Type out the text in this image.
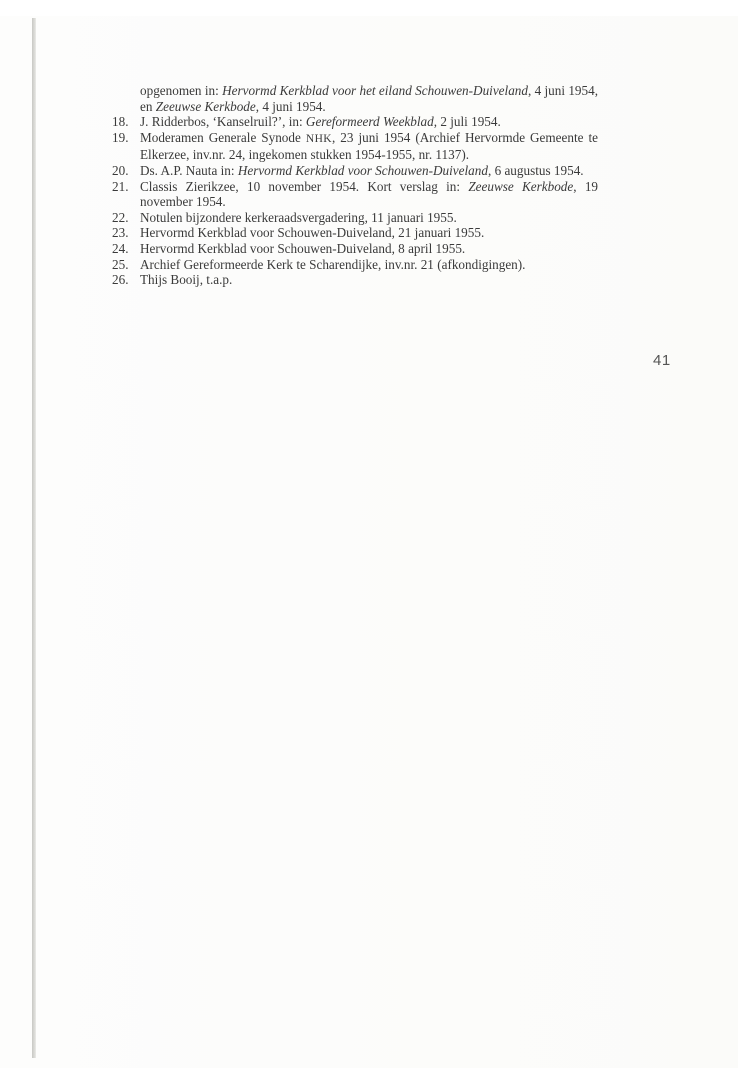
opgenomen in: Hervormd Kerkblad voor het eiland Schouwen-Duiveland, 4 juni 1954, en Zeeuwse Kerkbode, 4 juni 1954.
18. J. Ridderbos, ‘Kanselruil?’, in: Gereformeerd Weekblad, 2 juli 1954.
19. Moderamen Generale Synode NHK, 23 juni 1954 (Archief Hervormde Gemeente te Elkerzee, inv.nr. 24, ingekomen stukken 1954-1955, nr. 1137).
20. Ds. A.P. Nauta in: Hervormd Kerkblad voor Schouwen-Duiveland, 6 augustus 1954.
21. Classis Zierikzee, 10 november 1954. Kort verslag in: Zeeuwse Kerkbode, 19 november 1954.
22. Notulen bijzondere kerkeraadsvergadering, 11 januari 1955.
23. Hervormd Kerkblad voor Schouwen-Duiveland, 21 januari 1955.
24. Hervormd Kerkblad voor Schouwen-Duiveland, 8 april 1955.
25. Archief Gereformeerde Kerk te Scharendijke, inv.nr. 21 (afkondigingen).
26. Thijs Booij, t.a.p.
41
